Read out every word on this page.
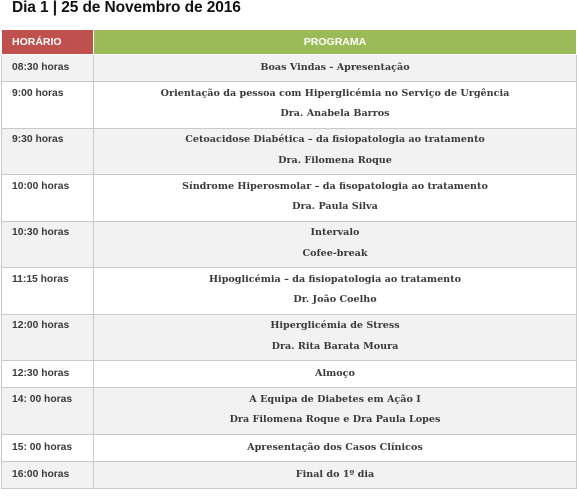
Dia 1 | 25 de Novembro de 2016
HORÁRIO	PROGRAMA

08:30 horas	Boas Vindas - Apresentação

9:00 horas	Orientação da pessoa com Hiperglicémia no Serviço de Urgência
Dra. Anabela Barros

9:30 horas	Cetoacidose Diabética – da fisiopatologia ao tratamento
Dra. Filomena Roque

10:00 horas	Síndrome Hiperosmolar – da fisopatologia ao tratamento
Dra. Paula Silva

10:30 horas	Intervalo
Cofee-break

11:15 horas	Hipoglicémia – da fisiopatologia ao tratamento
Dr. João Coelho

12:00 horas	Hiperglicémia de Stress
Dra. Rita Barata Moura

12:30 horas	Almoço

14: 00 horas	A Equipa de Diabetes em Ação I
Dra Filomena Roque e Dra Paula Lopes

15: 00 horas	Apresentação dos Casos Clínicos

16:00 horas	Final do 1º dia
